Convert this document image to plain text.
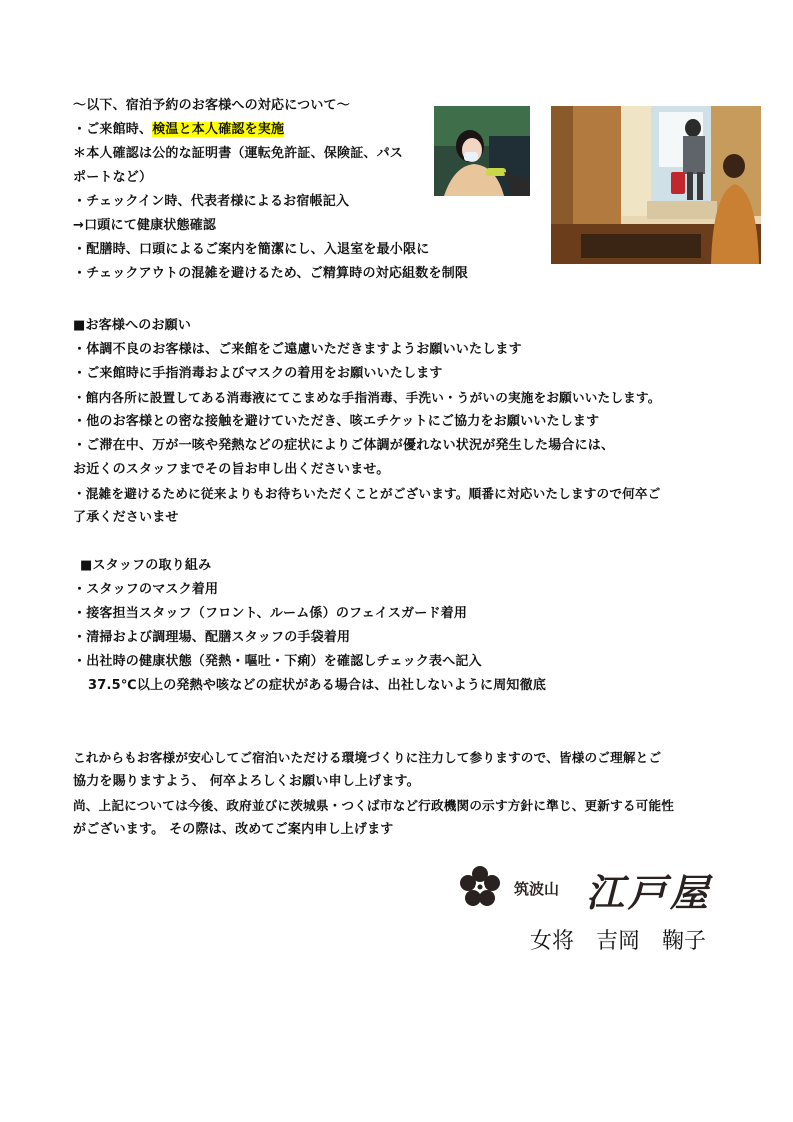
～以下、宿泊予約のお客様への対応について～
・ご来館時、検温と本人確認を実施
＊本人確認は公的な証明書（運転免許証、保険証、パス
ポートなど）
・チェックイン時、代表者様によるお宿帳記入
→口頭にて健康状態確認
・配膳時、口頭によるご案内を簡潔にし、入退室を最小限に
・チェックアウトの混雑を避けるため、ご精算時の対応組数を制限
■お客様へのお願い
・体調不良のお客様は、ご来館をご遠慮いただきますようお願いいたします
・ご来館時に手指消毒およびマスクの着用をお願いいたします
・館内各所に設置してある消毒液にてこまめな手指消毒、手洗い・うがいの実施をお願いいたします。
・他のお客様との密な接触を避けていただき、咳エチケットにご協力をお願いいたします
・ご滞在中、万が一咳や発熱などの症状によりご体調が優れない状況が発生した場合には、
お近くのスタッフまでその旨お申し出くださいませ。
・混雑を避けるために従来よりもお待ちいただくことがございます。順番に対応いたしますので何卒ご
了承くださいませ
■スタッフの取り組み
・スタッフのマスク着用
・接客担当スタッフ（フロント、ルーム係）のフェイスガード着用
・清掃および調理場、配膳スタッフの手袋着用
・出社時の健康状態（発熱・嘔吐・下痢）を確認しチェック表へ記入
37.5℃以上の発熱や咳などの症状がある場合は、出社しないように周知徹底
これからもお客様が安心してご宿泊いただける環境づくりに注力して参りますので、皆様のご理解とご
協力を賜りますよう、 何卒よろしくお願い申し上げます。
尚、上記については今後、政府並びに茨城県・つくば市など行政機関の示す方針に準じ、更新する可能性
がございます。 その際は、改めてご案内申し上げます
筑波山 江戸屋
女将　吉岡　鞠子
